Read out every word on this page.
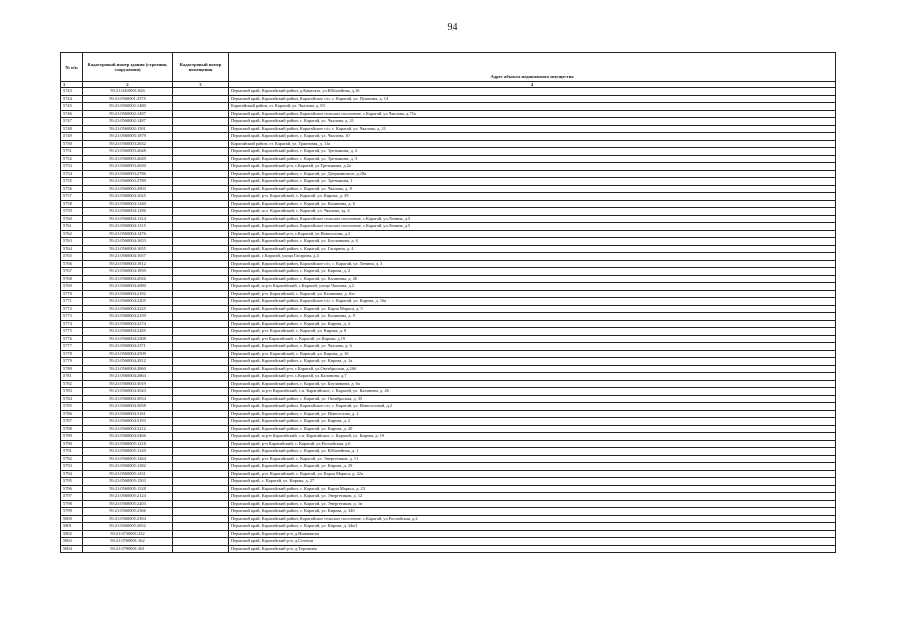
94
№ п/п	Кадастровый номер здания (строения, сооружения)	Кадастровый номер помещения	Адрес объекта недвижимого имущества
1	2	3	4
5743	59:21:0410001:826		Пермский край, Карагайский район, д.Капасята, ул.Юбилейная, д.16
5744	59:21:0560001:2575		Пермский край, Карагайский район, Карагайское с/п, с. Карагай, ул. Пушкина, д. 14
5745	59:21:0560002:1480		Карагайский район, ст. Карагай, ул. Чкалова, д. 83
5746	59:21:0560002:1487		Пермский край, Карагайский район, Карагайское сельское поселение, с.Карагай, ул.Чкалова, д.75а
5747	59:21:0560002:1487		Пермский край, Карагайский район, с. Карагай, ул. Чкалова, д. 21
5748	59:21:0560002:1501		Пермский край, Карагайский район, Карагайское с/п, с. Карагай, ул. Чкалова, д. 21
5749	59:21:0560003:1879		Пермский край, Карагайский район, с. Карагай, ул. Чкалова, 10
5750	59:21:0560003:2632		Карагайский район, ст. Карагай, ул. Трактовая, д. 11а
5751	59:21:0560003:2648		Пермский край, Карагайский район, с. Карагай, ул. Третьякова, д. 2
5752	59:21:0560003:2649		Пермский край, Карагайский район, с. Карагай, ул. Третьякова, д. 3
5753	59:21:0560003:2650		Пермский край, Карагайский р-н, с.Карагай, ул.Третьякова, д.2а
5754	59:21:0560003:2786		Пермский край, Карагайский район, с. Карагай, ул. Дзержинского, д.18а
5755	59:21:0560003:2789		Пермский край, Карагайский район, с. Карагай, ул. Третьякова, 1
5756	59:21:0560003:2903		Пермский край, Карагайский район, с. Карагай, ул. Чкалова, д. 8
5757	59:21:0560004:1025		Пермский край, р-н. Карагайский, с. Карагай, ул. Кирова, д. 39
5758	59:21:0560004:1240		Пермский край, Карагайский район, с. Карагай, ул. Калинина, д. 6
5759	59:21:0560004:1296		Пермский край, м.о. Карагайский, с. Карагай, ул. Чкалова, зд. 4
5760	59:21:0560004:1314		Пермский край, Карагайский район, Карагайское сельское поселение, с.Карагай, ул.Ленина, д.5
5761	59:21:0560004:1315		Пермский край, Карагайский район, Карагайское сельское поселение, с.Карагай, ул.Ленина, д.5
5762	59:21:0560004:1476		Пермский край, Карагайский р-н, с.Карагай, ул.Новоселова, д.2
5763	59:21:0560004:1653		Пермский край, Карагайский район, с. Карагай, ул. Боучанкова, д. 6
5764	59:21:0560004:1655		Пермский край, Карагайский район, с. Карагай, ул. Гагарина, д. 4
5765	59:21:0560004:1657		Пермский край, с.Карагай, улица Гагарина, д.4
5766	59:21:0560004:1812		Пермский край, Карагайский район, Карагайское с/п, с. Карагай, ул. Ленина, д. 3
5767	59:21:0560004:1850		Пермский край, Карагайский район, с. Карагай, ул. Кирова, д. 2
5768	59:21:0560004:2026		Пермский край, Карагайский район, с. Карагай, ул. Калинина, д. 26
5769	59:21:0560004:2080		Пермский край, м.р-н Карагайский, с.Карагай, улица Чкалова, д.2
5770	59:21:0560004:2192		Пермский край, р-н. Карагайский, с. Карагай, ул. Калинина, д. 6/и
5771	59:21:0560004:2205		Пермский край, Карагайский район, Карагайское с/п, с. Карагай, ул. Кирова, д. 16а
5772	59:21:0560004:2225		Пермский край, Карагайский район, с. Карагай, ул. Карла Маркса, д. 5
5773	59:21:0560004:2259		Пермский край, Карагайский район, с. Карагай, ул. Калинина, д. 9
5774	59:21:0560004:2274		Пермский край, Карагайский район, с. Карагай, ул. Кирова, д. 2
5775	59:21:0560004:2285		Пермский край, р-н. Карагайский, с. Карагай, ул. Кирова, д. 8
5776	59:21:0560004:2308		Пермский край, р-н Карагайский, с. Карагай, ул.Кирова, д.19
5777	59:21:0560004:2371		Пермский край, Карагайский район, с. Карагай, ул. Чкалова, д. 6
5778	59:21:0560004:2509		Пермский край, р-н. Карагайский, с. Карагай, ул. Кирова, д. 16
5779	59:21:0560004:2812		Пермский край, Карагайский район, с. Карагай, ул. Кирова, д. 1а
5780	59:21:0560004:2860		Пермский край, Карагайский р-н, с.Карагай, ул.Октябрьская, д.26б
5781	59:21:0560004:2864		Пермский край, Карагайский р-н, с.Карагай, ул.Калинина, д.7
5782	59:21:0560004:3019		Пермский край, Карагайский район, с. Карагай, ул. Боучанкова, д. 6а
5783	59:21:0560004:3043		Пермский край, м.р-н Карагайский, с.п. Карагайское, с. Карагай, ул. Калинина, д. 26
5784	59:21:0560004:3054		Пермский край, Карагайский район, с. Карагай, ул. Октябрьская, д. 35
5785	59:21:0560004:3058		Пермский край, Карагайский район, Карагайское с/п, с. Карагай, ул. Новоселовой, д.2
5786	59:21:0560004:3161		Пермский край, Карагайский район, с. Карагай, ул. Новоселова, д. 2
5787	59:21:0560004:3193		Пермский край, Карагайский район, с. Карагай, ул. Кирова, д. 2
5788	59:21:0560004:3212		Пермский край, Карагайский район, с. Карагай, ул. Кирова, д. 20
5789	59:21:0560004:3466		Пермский край, м.р-н Карагайский, с.п. Карагайское, с. Карагай, ул. Кирова, д. 19
5790	59:21:0560005:1218		Пермский край, р-н Карагайский, с. Карагай, ул.Российская, д.6
5791	59:21:0560005:1320		Пермский край, Карагайский район, с. Карагай, ул. Юбилейная, д. 1
5792	59:21:0560005:1264		Пермский край, р-н. Карагайский, с. Карагай, ул. Энергетиков, д. 11
5793	59:21:0560005:1282		Пермский край, Карагайский район, с. Карагай, ул. Кирова, д. 29
5794	59:21:0560005:1431		Пермский край, р-н. Карагайский, с. Карагай, ул. Карла Маркса, д. 22а
5795	59:21:0560005:1503		Пермский край, с. Карагай, ул. Кирова, д. 27
5796	59:21:0560005:1528		Пермский край, Карагайский район, с. Карагай, ул. Карла Маркса, д. 23
5797	59:21:0560005:2124		Пермский край, Карагайский район, с. Карагай, ул. Энергетиков, д. 12
5798	59:21:0560005:2203		Пермский край, Карагайский район, с. Карагай, ул. Энергетиков, д. 1в
5799	59:21:0560005:2366		Пермский край, Карагайский район, с. Карагай, ул. Кирова, д. 34б
5800	59:21:0560005:2394		Пермский край, Карагайский район, Карагайское сельское поселение, с.Карагай, ул.Российская, д.2
5801	59:21:0560005:2652		Пермский край, Карагайский район, с. Карагай, ул. Кирова, д. 34в/1
5802	59:21:0730001:232		Пермский край, Карагайский р-н, д.Нижняяска
5803	59:21:0760001:162		Пермский край, Карагайский р-н, д.Селеши
5804	59:21:0780001:361		Пермский край, Карагайский р-н, д.Терешино
